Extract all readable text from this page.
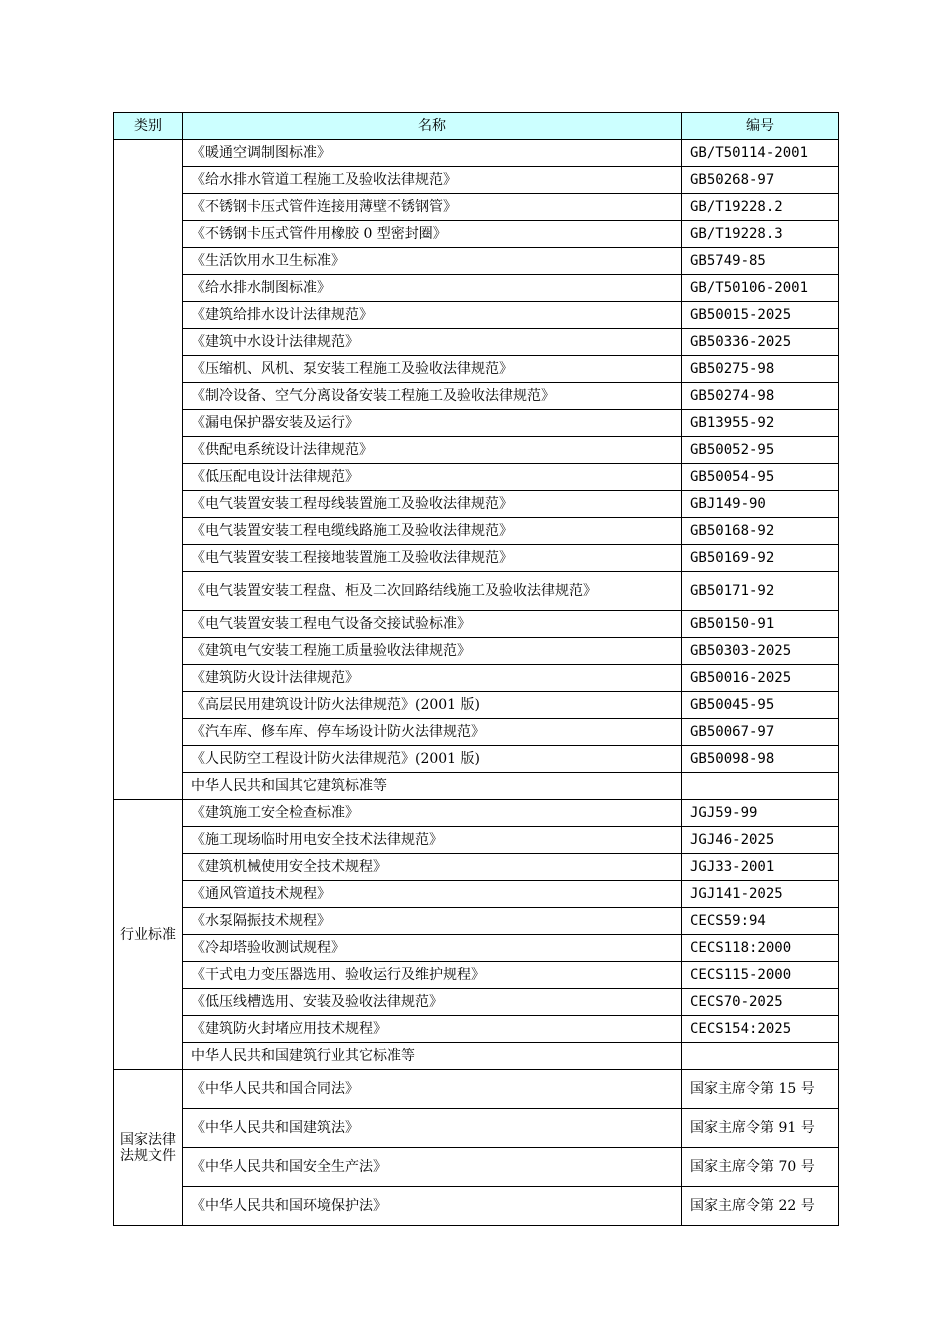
类别	名称	编号
	《暖通空调制图标准》	GB/T50114-2001
	《给水排水管道工程施工及验收法律规范》	GB50268-97
	《不锈钢卡压式管件连接用薄壁不锈钢管》	GB/T19228.2
	《不锈钢卡压式管件用橡胶 0 型密封圈》	GB/T19228.3
	《生活饮用水卫生标准》	GB5749-85
	《给水排水制图标准》	GB/T50106-2001
	《建筑给排水设计法律规范》	GB50015-2025
	《建筑中水设计法律规范》	GB50336-2025
	《压缩机、风机、泵安装工程施工及验收法律规范》	GB50275-98
	《制冷设备、空气分离设备安装工程施工及验收法律规范》	GB50274-98
	《漏电保护器安装及运行》	GB13955-92
	《供配电系统设计法律规范》	GB50052-95
	《低压配电设计法律规范》	GB50054-95
	《电气装置安装工程母线装置施工及验收法律规范》	GBJ149-90
	《电气装置安装工程电缆线路施工及验收法律规范》	GB50168-92
	《电气装置安装工程接地装置施工及验收法律规范》	GB50169-92
	《电气装置安装工程盘、柜及二次回路结线施工及验收法律规范》	GB50171-92
	《电气装置安装工程电气设备交接试验标准》	GB50150-91
	《建筑电气安装工程施工质量验收法律规范》	GB50303-2025
	《建筑防火设计法律规范》	GB50016-2025
	《高层民用建筑设计防火法律规范》(2001 版)	GB50045-95
	《汽车库、修车库、停车场设计防火法律规范》	GB50067-97
	《人民防空工程设计防火法律规范》(2001 版)	GB50098-98
	中华人民共和国其它建筑标准等	
行业标准	《建筑施工安全检查标准》	JGJ59-99
	《施工现场临时用电安全技术法律规范》	JGJ46-2025
	《建筑机械使用安全技术规程》	JGJ33-2001
	《通风管道技术规程》	JGJ141-2025
	《水泵隔振技术规程》	CECS59:94
	《冷却塔验收测试规程》	CECS118:2000
	《干式电力变压器选用、验收运行及维护规程》	CECS115-2000
	《低压线槽选用、安装及验收法律规范》	CECS70-2025
	《建筑防火封堵应用技术规程》	CECS154:2025
	中华人民共和国建筑行业其它标准等	
国家法律法规文件	《中华人民共和国合同法》	国家主席令第 15 号
	《中华人民共和国建筑法》	国家主席令第 91 号
	《中华人民共和国安全生产法》	国家主席令第 70 号
	《中华人民共和国环境保护法》	国家主席令第 22 号
